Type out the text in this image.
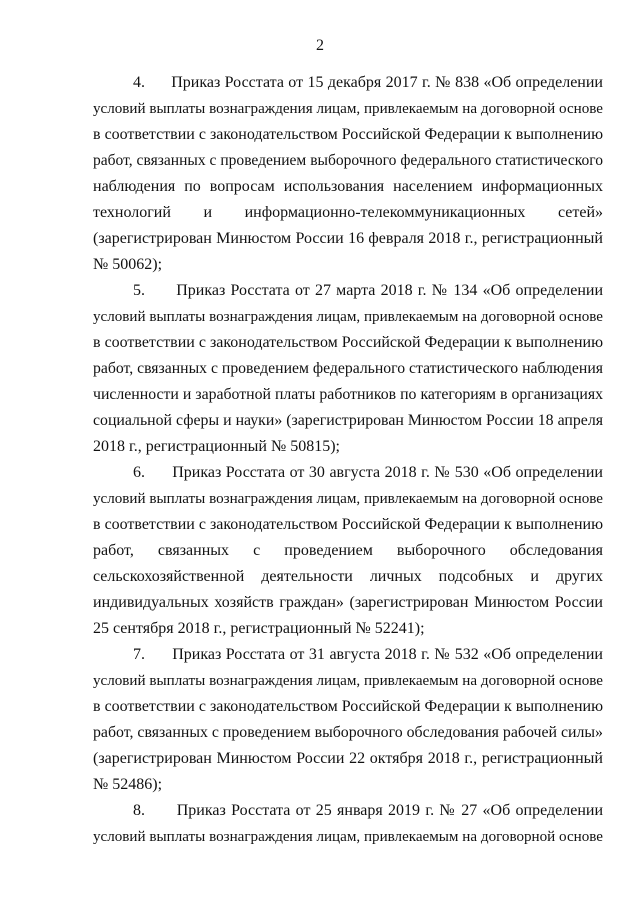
2
4.      Приказ Росстата от 15 декабря 2017 г. № 838 «Об определении
условий выплаты вознаграждения лицам, привлекаемым на договорной основе
в соответствии с законодательством Российской Федерации к выполнению
работ, связанных с проведением выборочного федерального статистического
наблюдения по вопросам использования населением информационных
технологий и информационно-телекоммуникационных сетей»
(зарегистрирован Минюстом России 16 февраля 2018 г., регистрационный
№ 50062);
5.      Приказ Росстата от 27 марта 2018 г. № 134 «Об определении
условий выплаты вознаграждения лицам, привлекаемым на договорной основе
в соответствии с законодательством Российской Федерации к выполнению
работ, связанных с проведением федерального статистического наблюдения
численности и заработной платы работников по категориям в организациях
социальной сферы и науки» (зарегистрирован Минюстом России 18 апреля
2018 г., регистрационный № 50815);
6.      Приказ Росстата от 30 августа 2018 г. № 530 «Об определении
условий выплаты вознаграждения лицам, привлекаемым на договорной основе
в соответствии с законодательством Российской Федерации к выполнению
работ, связанных с проведением выборочного обследования
сельскохозяйственной деятельности личных подсобных и других
индивидуальных хозяйств граждан» (зарегистрирован Минюстом России
25 сентября 2018 г., регистрационный № 52241);
7.      Приказ Росстата от 31 августа 2018 г. № 532 «Об определении
условий выплаты вознаграждения лицам, привлекаемым на договорной основе
в соответствии с законодательством Российской Федерации к выполнению
работ, связанных с проведением выборочного обследования рабочей силы»
(зарегистрирован Минюстом России 22 октября 2018 г., регистрационный
№ 52486);
8.      Приказ Росстата от 25 января 2019 г. № 27 «Об определении
условий выплаты вознаграждения лицам, привлекаемым на договорной основе
